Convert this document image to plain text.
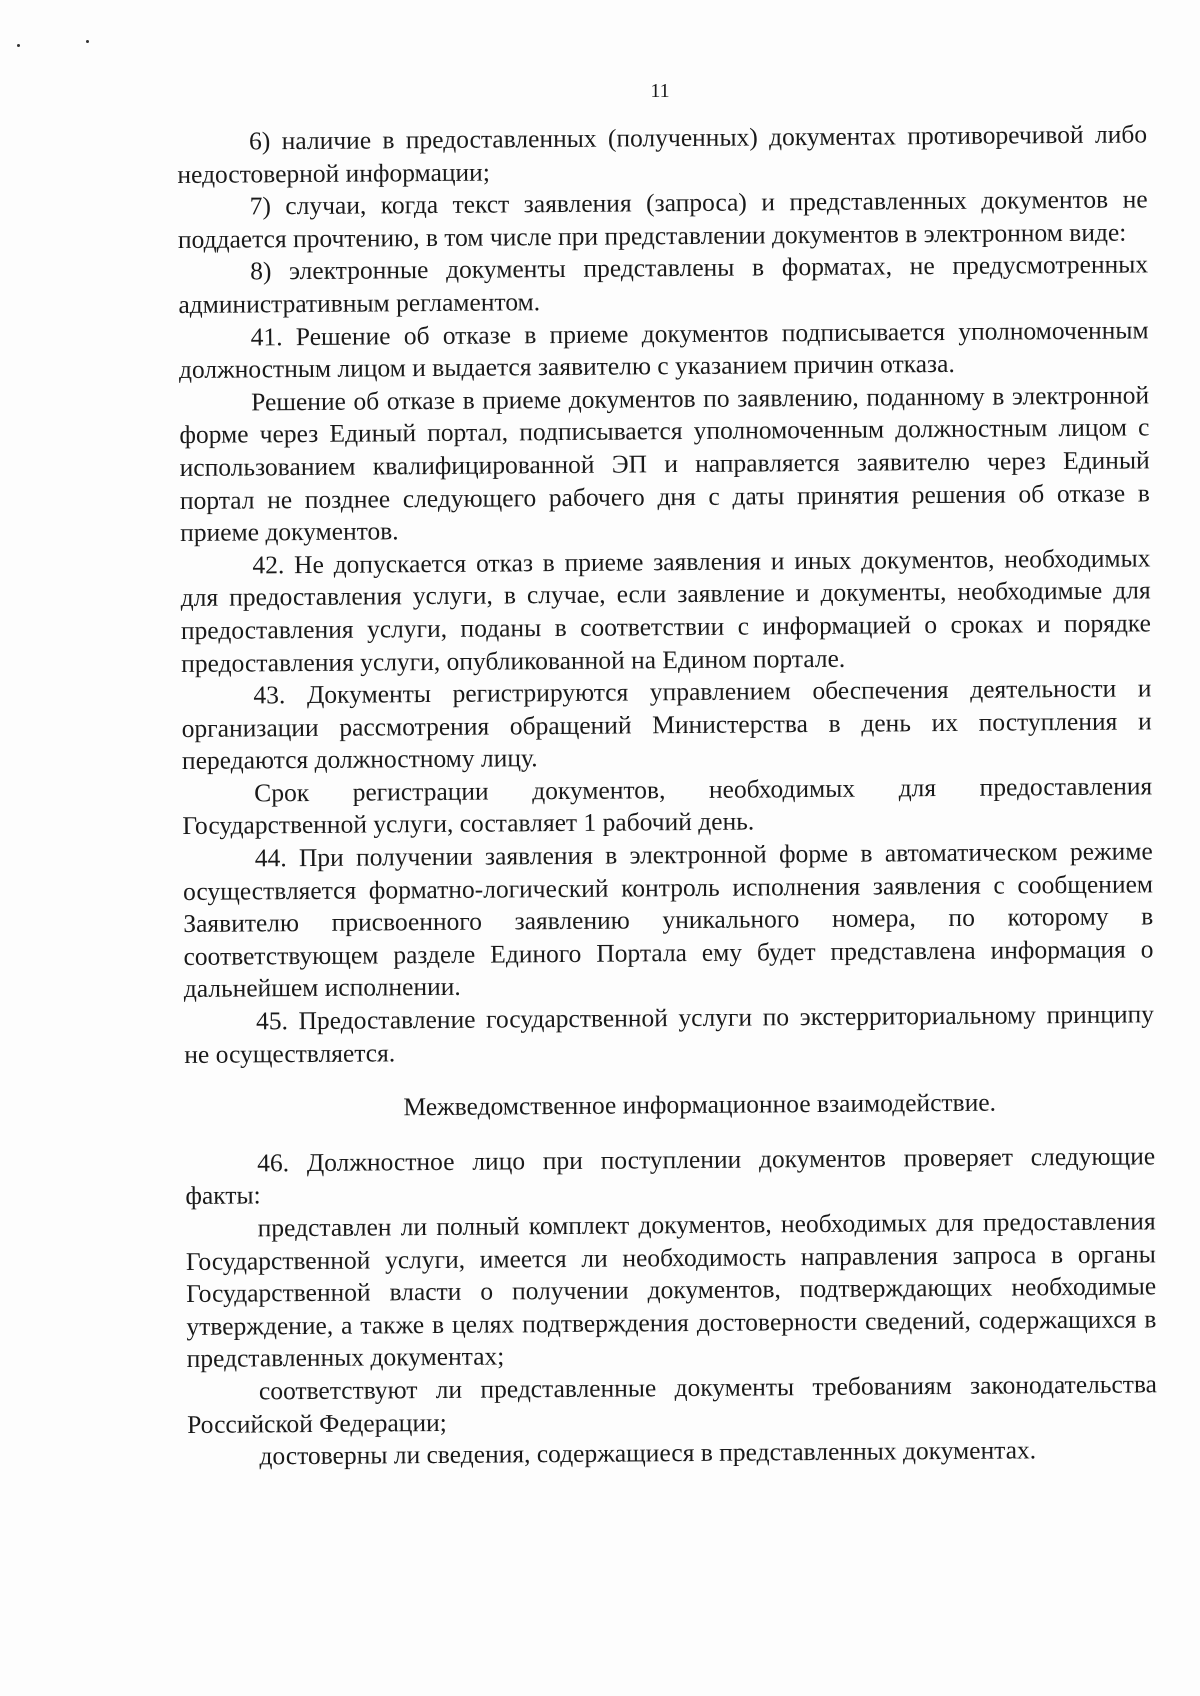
11

6) наличие в предоставленных (полученных) документах противоречивой либо недостоверной информации;

7) случаи, когда текст заявления (запроса) и представленных документов не поддается прочтению, в том числе при представлении документов в электронном виде:

8) электронные документы представлены в форматах, не предусмотренных административным регламентом.

41. Решение об отказе в приеме документов подписывается уполномоченным должностным лицом и выдается заявителю с указанием причин отказа.

Решение об отказе в приеме документов по заявлению, поданному в электронной форме через Единый портал, подписывается уполномоченным должностным лицом с использованием квалифицированной ЭП и направляется заявителю через Единый портал не позднее следующего рабочего дня с даты принятия решения об отказе в приеме документов.

42. Не допускается отказ в приеме заявления и иных документов, необходимых для предоставления услуги, в случае, если заявление и документы, необходимые для предоставления услуги, поданы в соответствии с информацией о сроках и порядке предоставления услуги, опубликованной на Едином портале.

43. Документы регистрируются управлением обеспечения деятельности и организации рассмотрения обращений Министерства в день их поступления и передаются должностному лицу.

Срок регистрации документов, необходимых для предоставления Государственной услуги, составляет 1 рабочий день.

44. При получении заявления в электронной форме в автоматическом режиме осуществляется форматно-логический контроль исполнения заявления с сообщением Заявителю присвоенного заявлению уникального номера, по которому в соответствующем разделе Единого Портала ему будет представлена информация о дальнейшем исполнении.

45. Предоставление государственной услуги по экстерриториальному принципу не осуществляется.

Межведомственное информационное взаимодействие.

46. Должностное лицо при поступлении документов проверяет следующие факты:

представлен ли полный комплект документов, необходимых для предоставления Государственной услуги, имеется ли необходимость направления запроса в органы Государственной власти о получении документов, подтверждающих необходимые утверждение, а также в целях подтверждения достоверности сведений, содержащихся в представленных документах;

соответствуют ли представленные документы требованиям законодательства Российской Федерации;

достоверны ли сведения, содержащиеся в представленных документах.
